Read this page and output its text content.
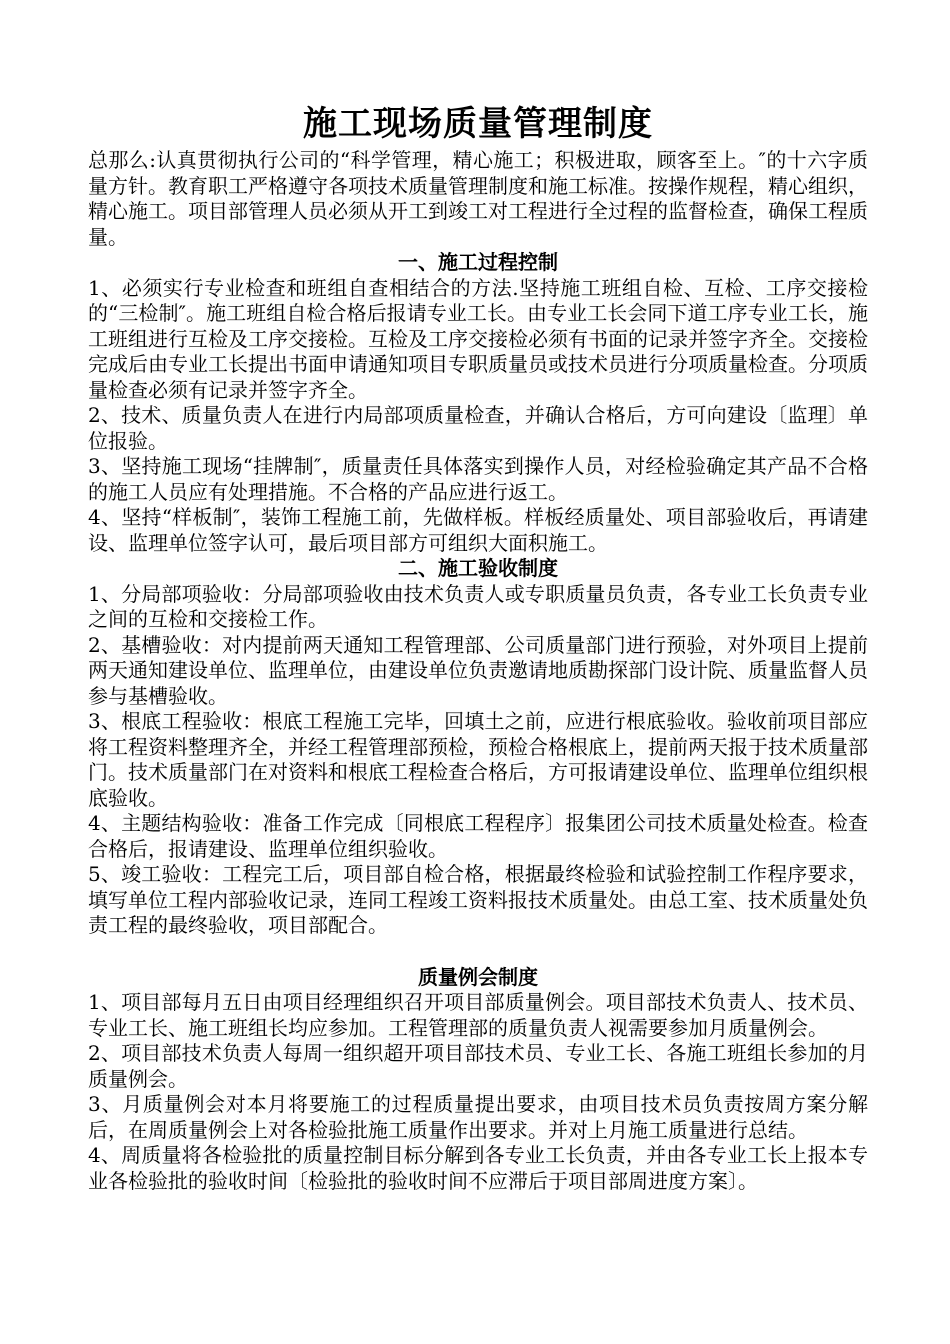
施工现场质量管理制度

总那么:认真贯彻执行公司的“科学管理，精心施工；积极进取，顾客至上。″的十六字质量方针。教育职工严格遵守各项技术质量管理制度和施工标准。按操作规程，精心组织，精心施工。项目部管理人员必须从开工到竣工对工程进行全过程的监督检查，确保工程质量。

一、施工过程控制

1、必须实行专业检查和班组自查相结合的方法.坚持施工班组自检、互检、工序交接检的“三检制″。施工班组自检合格后报请专业工长。由专业工长会同下道工序专业工长，施工班组进行互检及工序交接检。互检及工序交接检必须有书面的记录并签字齐全。交接检完成后由专业工长提出书面申请通知项目专职质量员或技术员进行分项质量检查。分项质量检查必须有记录并签字齐全。

2、技术、质量负责人在进行内局部项质量检查，并确认合格后，方可向建设〔监理〕单位报验。

3、坚持施工现场“挂牌制″，质量责任具体落实到操作人员，对经检验确定其产品不合格的施工人员应有处理措施。不合格的产品应进行返工。

4、坚持“样板制″，装饰工程施工前，先做样板。样板经质量处、项目部验收后，再请建设、监理单位签字认可，最后项目部方可组织大面积施工。

二、施工验收制度

1、分局部项验收：分局部项验收由技术负责人或专职质量员负责，各专业工长负责专业之间的互检和交接检工作。

2、基槽验收：对内提前两天通知工程管理部、公司质量部门进行预验，对外项目上提前两天通知建设单位、监理单位，由建设单位负责邀请地质勘探部门设计院、质量监督人员参与基槽验收。

3、根底工程验收：根底工程施工完毕，回填土之前，应进行根底验收。验收前项目部应将工程资料整理齐全，并经工程管理部预检，预检合格根底上，提前两天报于技术质量部门。技术质量部门在对资料和根底工程检查合格后，方可报请建设单位、监理单位组织根底验收。

4、主题结构验收：准备工作完成〔同根底工程程序〕报集团公司技术质量处检查。检查合格后，报请建设、监理单位组织验收。

5、竣工验收：工程完工后，项目部自检合格，根据最终检验和试验控制工作程序要求，填写单位工程内部验收记录，连同工程竣工资料报技术质量处。由总工室、技术质量处负责工程的最终验收，项目部配合。

质量例会制度

1、项目部每月五日由项目经理组织召开项目部质量例会。项目部技术负责人、技术员、专业工长、施工班组长均应参加。工程管理部的质量负责人视需要参加月质量例会。

2、项目部技术负责人每周一组织超开项目部技术员、专业工长、各施工班组长参加的月质量例会。

3、月质量例会对本月将要施工的过程质量提出要求，由项目技术员负责按周方案分解后，在周质量例会上对各检验批施工质量作出要求。并对上月施工质量进行总结。

4、周质量将各检验批的质量控制目标分解到各专业工长负责，并由各专业工长上报本专业各检验批的验收时间〔检验批的验收时间不应滞后于项目部周进度方案〕。
